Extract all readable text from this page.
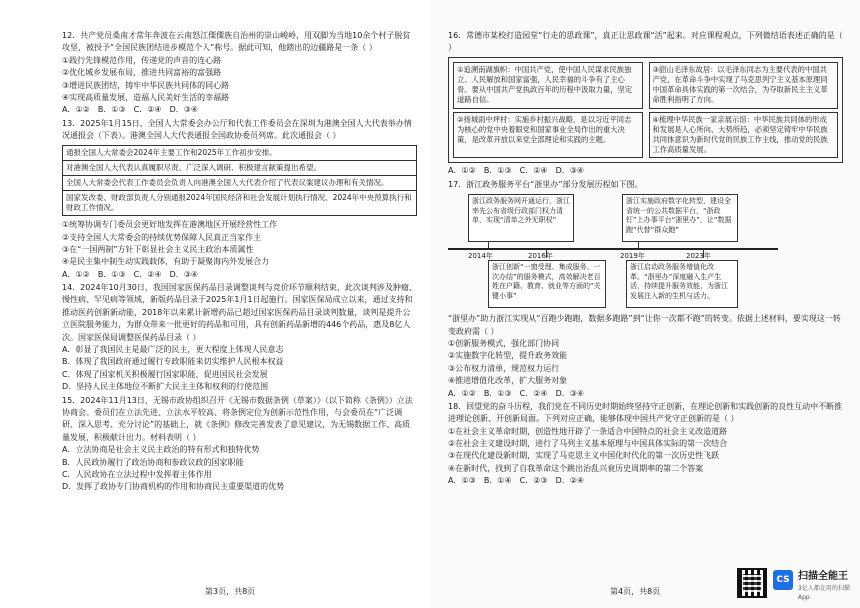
12．共产党员桑南才常年奔波在云南怒江傈僳族自治州的崇山峻岭，用双脚为当地10余个村子脱贫攻坚，被授予“全国民族团结进步模范个人”称号。据此可知，他踏出的边疆路是一条（ ）

①践行先锋模范作用，传递党的声音的连心路

②优化城乡发展布局，推进共同富裕的富强路

③增进民族团结，铸牢中华民族共同体的同心路

④实现高质量发展，造福人民美好生活的幸福路

A．①②　B．①③　C．②④　D．③④

13．2025年1月15日，全国人大常委会办公厅和代表工作委员会在深圳为港澳全国人大代表举办情况通报会（下表）。港澳全国人大代表通报全国政协委员列席。此次通报会（ ）

通报全国人大常委会2024年主要工作和2025年工作初步安排。
对港澳全国人大代表认真履职尽责、广泛深入调研、积极建言献策提出希望。
全国人大常委会代表工作委员会负责人向港澳全国人大代表介绍了代表议案建议办理和有关情况。
国家发改委、财政部负责人分别通报2024年国民经济和社会发展计划执行情况、2024年中央预算执行和财政工作情况。

①统筹协调专门委员会更好地发挥在港澳地区开展经营性工作

②支持全国人大常委会的持续优势保障人民真正当家作主

③在“一国两制”方针下彰显社会主义民主政治本质属性

④是民主集中制生动实践载体，有助于凝聚海内外发展合力

A．①②　B．①③　C．②④　D．③④

14．2024年10月30日，我国国家医保药品目录调整谈判与竞价环节顺利结束，此次谈判涉及肿瘤、慢性病、罕见病等领域，新版药品目录于2025年1月1日起施行。国家医保局成立以来，通过支持和推动医药创新新动能，2018年以来累计新增药品已超过国家医保药品目录谈判数量，谈判是提升公立医院服务能力，为群众带来一批更好的药品和可用，具有创新药品新增的446个药品，惠及8亿人次。国家医保局调整医保药品目录（ ）

A．彰显了我国民主是最广泛的民主，更大程度上体现人民意志

B．体现了我国政府通过履行专政职能来切实维护人民根本权益

C．体现了国家机关积极履行国家职能，促进国民社会发展

D．坚持人民主体地位不断扩大民主主体和权利的行使范围

15．2024年11月13日，无锡市政协组织召开《无锡市数据条例（草案）》（以下简称《条例》）立法协商会。委员们在立法先进、立法水平较高、将条例定位为创新示范性作用，与会委员在“广泛调研、深入思考、充分讨论”的基础上，就《条例》修改完善发表了意见建议，为无锡数据工作、高质量发展，积极献计出力。材料表明（ ）

A．立法协商是社会主义民主政治的特有形式和独特优势

B．人民政协履行了政治协商和参政议政的国家职能

C．人民政协在立法过程中发挥着主体作用

D．发挥了政协专门协商机构的作用和协商民主重要渠道的优势

第3页，共8页

16．常德市某校打造园堂“行走的思政课”，真正让思政课“活”起来。对应课程观点，下列微结语表述正确的是（ ）

①追溯南湖旗帜：中国共产党，使中国人民谋求民族独立、人民解放和国家富强，人民幸福的斗争有了主心骨。要从中国共产党执政百年的历程中汲取力量，坚定道路自信。
③韶山毛泽东故居：以毛泽东同志为主要代表的中国共产党，在革命斗争中实现了马克思列宁主义基本原理同中国革命具体实践的第一次结合，为夺取新民主主义革命胜利指明了方向。
②扬城雨中坪村：实施乡村振兴战略，是以习近平同志为核心的党中央着眼党和国家事业全局作出的重大决策，是改革开放以来党全部理论和实践的主题。
④梳理中华民族一家亲展示馆：中华民族共同体的形成和发展是人心所向、大势所趋，必须坚定铸牢中华民族共同体意识为新时代党的民族工作主线，推动党的民族工作高质量发展。

A．①②　B．①③　C．②④　D．③④

17．浙江政务服务平台“浙里办”部分发展历程如下图。

浙江政务服务网开通运行，浙江率先公布省级行政部门权力清单，实现“清单之外无职权”
浙江实施政府数字化转型，建设全省统一的公共数据平台，“浙政钉”上办事平台“浙里办”，让“数据跑”代替“群众跑”
2014年	2016年	2019年	2023年
浙江创新“一窗受理、集成服务、一次办结”的服务模式，高效解决老百姓在户籍、教育、就业等方面的“关键小事”
浙江启动政务服务增值化改革。“浙里办”深度融入生产生活，持续提升服务效能，为浙江发展注入新的生机与活力。

“浙里办”助力浙江实现从“百跑少跑跑，数据多跑路”到“让你一次都不跑”的转变。依据上述材料，要实现这一转变政府需（ ）

①创新服务模式，强化部门协同

②实施数字化转型，提升政务效能

③公布权力清单，规范权力运行

④推进增值化改革，扩大服务对象

A．①②　B．①③　C．②④　D．③④

18．回望党的奋斗历程，我们党在不同历史时期始终坚持守正创新，在理论创新和实践创新的良性互动中不断推进理论创新、开创新局面。下列对应正确，能够体现中国共产党守正创新的是（ ）

①在社会主义革命时期，创造性地开辟了一条适合中国特点的社会主义改造道路

②在社会主义建设时期，进行了马列主义基本原理与中国具体实际的第一次结合

③在现代化建设新时期，实现了马克思主义中国化时代化的第一次历史性飞跃

④在新时代，找到了自我革命这个跳出治乱兴衰历史周期率的第二个答案

A．①③　B．①④　C．②③　D．②④

第4页，共8页
CS 扫描全能王
3亿人都在用的扫描App
